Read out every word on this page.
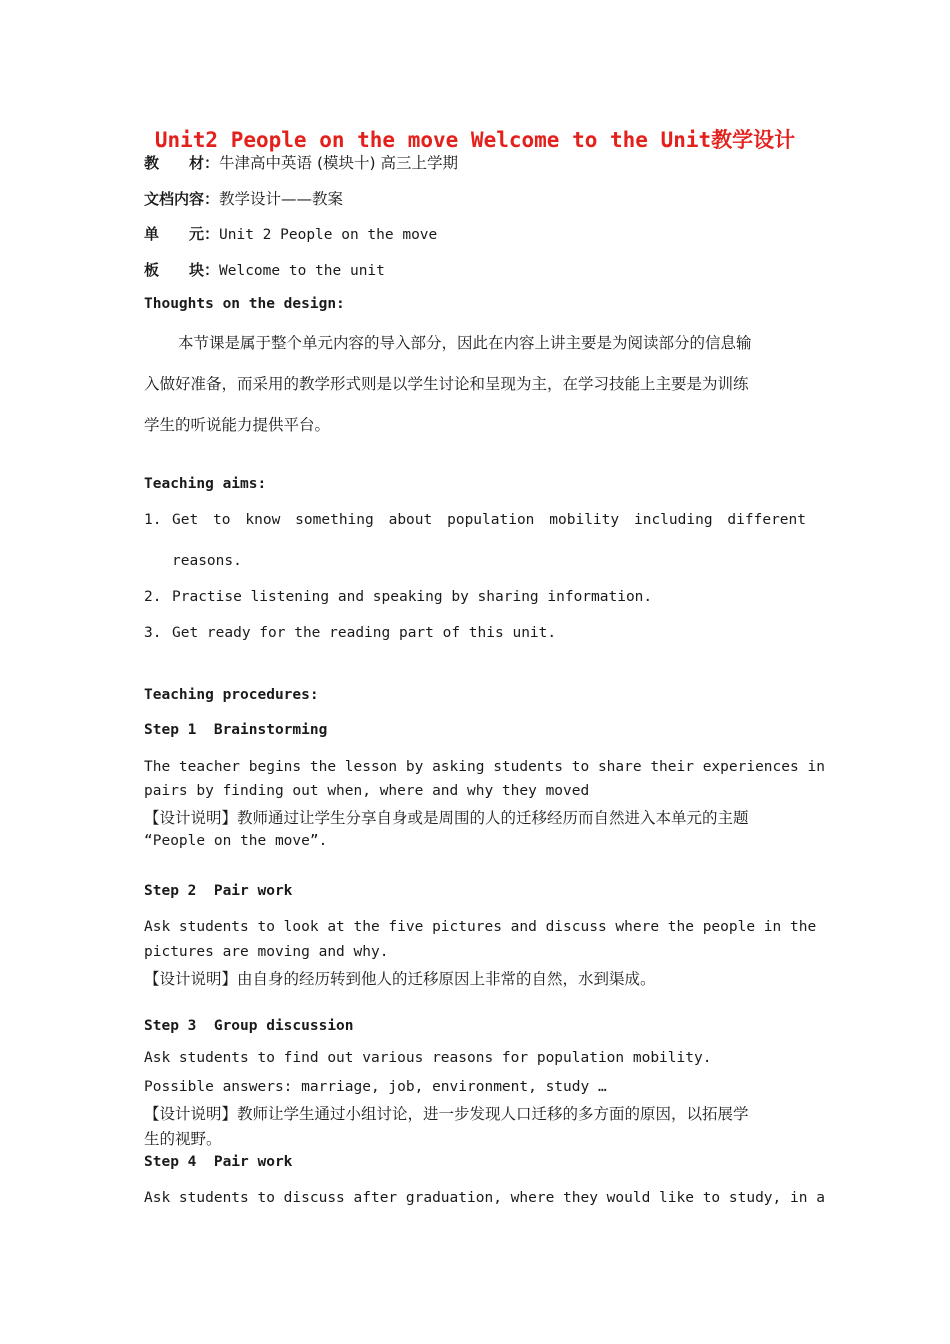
Unit2 People on the move Welcome to the Unit教学设计
教　　材：牛津高中英语 (模块十) 高三上学期
文档内容：教学设计——教案
单　　元：Unit 2 People on the move
板　　块：Welcome to the unit
Thoughts on the design:
本节课是属于整个单元内容的导入部分，因此在内容上讲主要是为阅读部分的信息输
入做好准备，而采用的教学形式则是以学生讨论和呈现为主，在学习技能上主要是为训练
学生的听说能力提供平台。
Teaching aims:
1. Get to know something about population mobility including different
reasons.
2. Practise listening and speaking by sharing information.
3. Get ready for the reading part of this unit.
Teaching procedures:
Step 1  Brainstorming
The teacher begins the lesson by asking students to share their experiences in
pairs by finding out when, where and why they moved
【设计说明】教师通过让学生分享自身或是周围的人的迁移经历而自然进入本单元的主题
“People on the move”.
Step 2  Pair work
Ask students to look at the five pictures and discuss where the people in the
pictures are moving and why.
【设计说明】由自身的经历转到他人的迁移原因上非常的自然，水到渠成。
Step 3  Group discussion
Ask students to find out various reasons for population mobility.
Possible answers: marriage, job, environment, study …
【设计说明】教师让学生通过小组讨论，进一步发现人口迁移的多方面的原因，以拓展学
生的视野。
Step 4  Pair work
Ask students to discuss after graduation, where they would like to study, in a
